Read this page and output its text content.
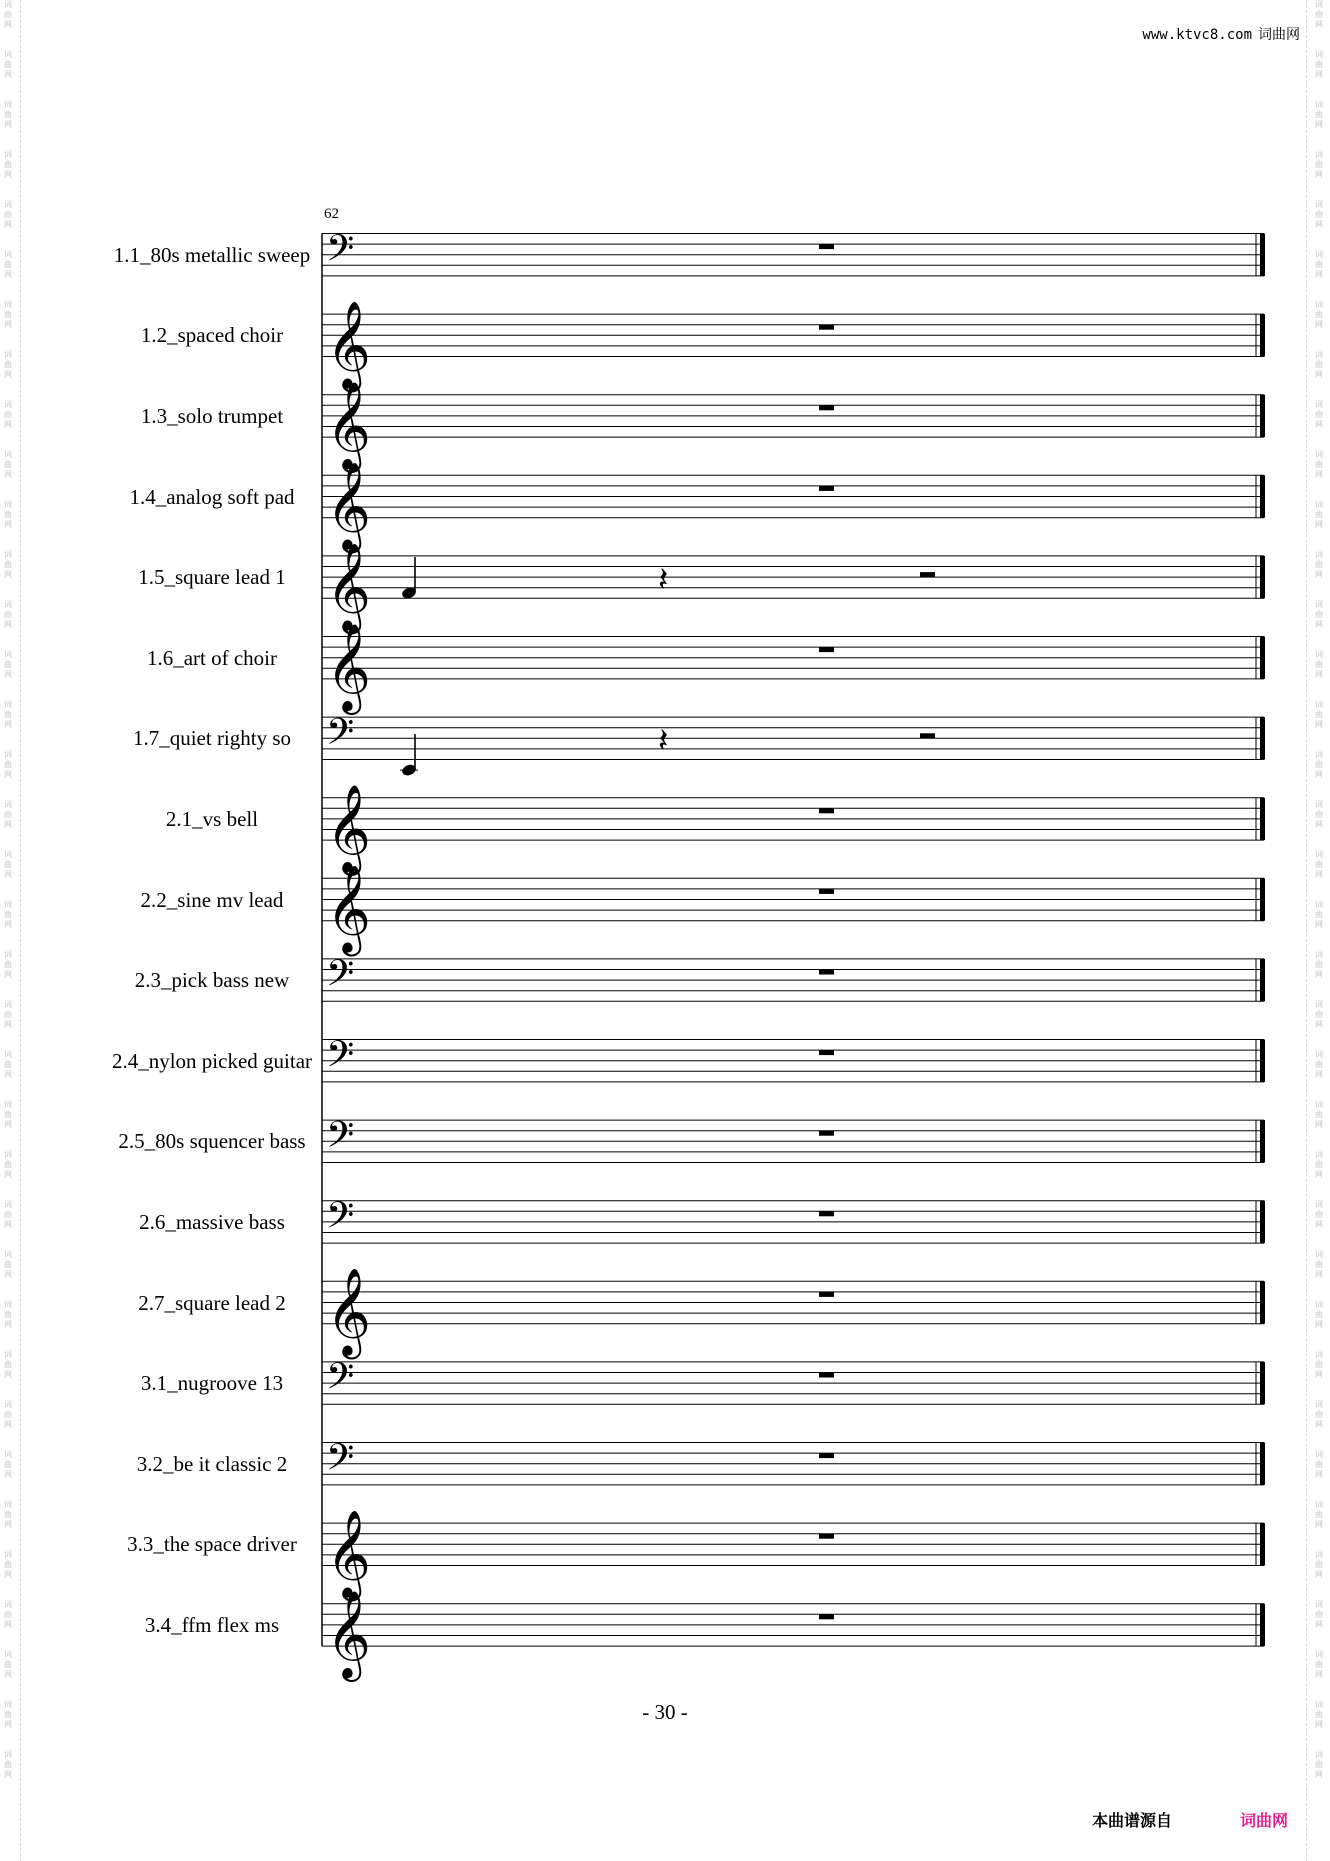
词
曲
网

词
曲
网

词
曲
网

词
曲
网

词
曲
网

词
曲
网

词
曲
网

词
曲
网

词
曲
网

词
曲
网

词
曲
网

词
曲
网

词
曲
网

词
曲
网

词
曲
网

词
曲
网

词
曲
网

词
曲
网

词
曲
网

词
曲
网

词
曲
网

词
曲
网

词
曲
网

词
曲
网

词
曲
网

词
曲
网

词
曲
网

词
曲
网

词
曲
网

词
曲
网

词
曲
网

词
曲
网

词
曲
网

词
曲
网

词
曲
网

词
曲
网

词
曲
网

词
曲
网

词
曲
网

词
曲
网

词
曲
网

词
曲
网

词
曲
网

词
曲
网

词
曲
网

词
曲
网

词
曲
网

词
曲
网

词
曲
网

词
曲
网

词
曲
网

词
曲
网

词
曲
网

词
曲
网

词
曲
网

词
曲
网

词
曲
网

词
曲
网

词
曲
网

词
曲
网

词
曲
网

词
曲
网

词
曲
网

词
曲
网

词
曲
网

词
曲
网

词
曲
网

词
曲
网

词
曲
网

词
曲
网

词
曲
网

词
曲
网

www.ktvc8.com 词曲网
62
1.1_80s metallic sweep
1.2_spaced choir
1.3_solo trumpet
1.4_analog soft pad
1.5_square lead 1
1.6_art of choir
1.7_quiet righty so
2.1_vs bell
2.2_sine mv lead
2.3_pick bass new
2.4_nylon picked guitar
2.5_80s squencer bass
2.6_massive bass
2.7_square lead 2
3.1_nugroove 13
3.2_be it classic 2
3.3_the space driver
3.4_ffm flex ms
𝄢
𝄞
𝄞
𝄞
𝄞	𝄽
𝄞
𝄢	𝄽
𝄞
𝄞
𝄢
𝄢
𝄢
𝄢
𝄞
𝄢
𝄢
𝄞
𝄞
- 30 -
本曲谱源自	词曲网
